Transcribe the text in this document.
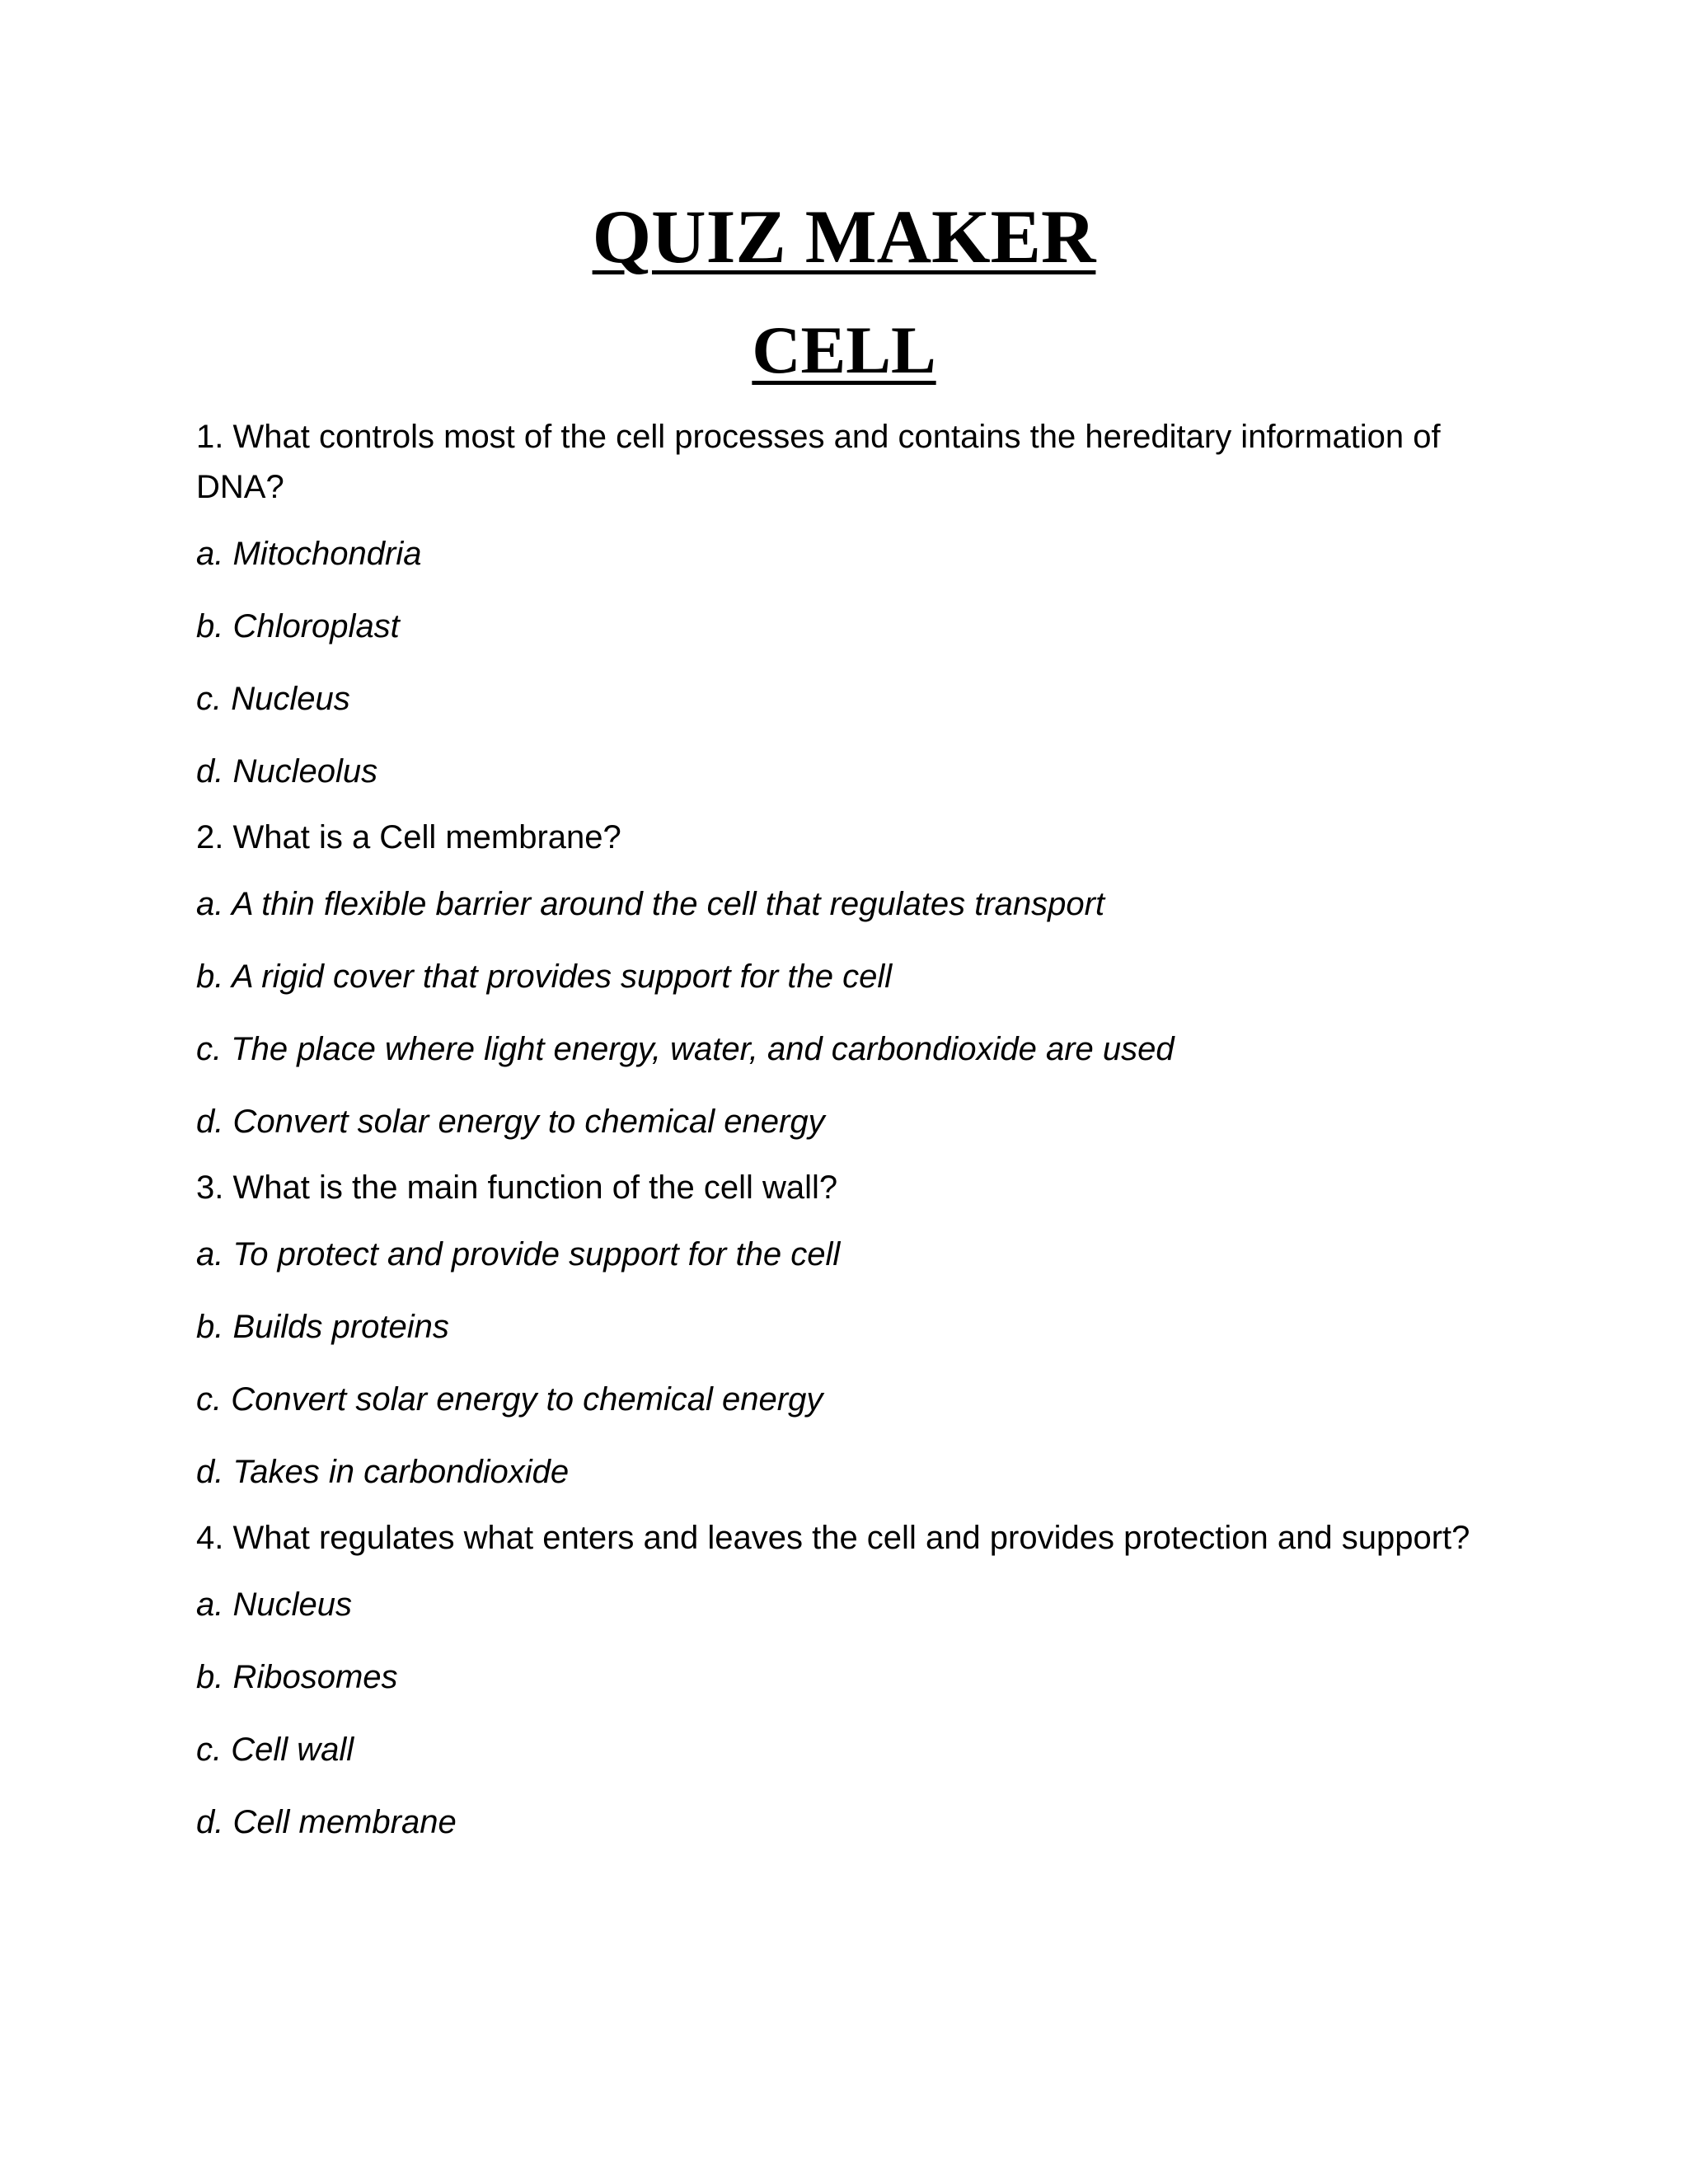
QUIZ MAKER
CELL

1. What controls most of the cell processes and contains the hereditary information of DNA?

a. Mitochondria

b. Chloroplast

c. Nucleus

d. Nucleolus

2. What is a Cell membrane?

a. A thin flexible barrier around the cell that regulates transport

b. A rigid cover that provides support for the cell

c. The place where light energy, water, and carbondioxide are used

d. Convert solar energy to chemical energy

3. What is the main function of the cell wall?

a. To protect and provide support for the cell

b. Builds proteins

c. Convert solar energy to chemical energy

d. Takes in carbondioxide

4. What regulates what enters and leaves the cell and provides protection and support?

a. Nucleus

b. Ribosomes

c. Cell wall

d. Cell membrane
